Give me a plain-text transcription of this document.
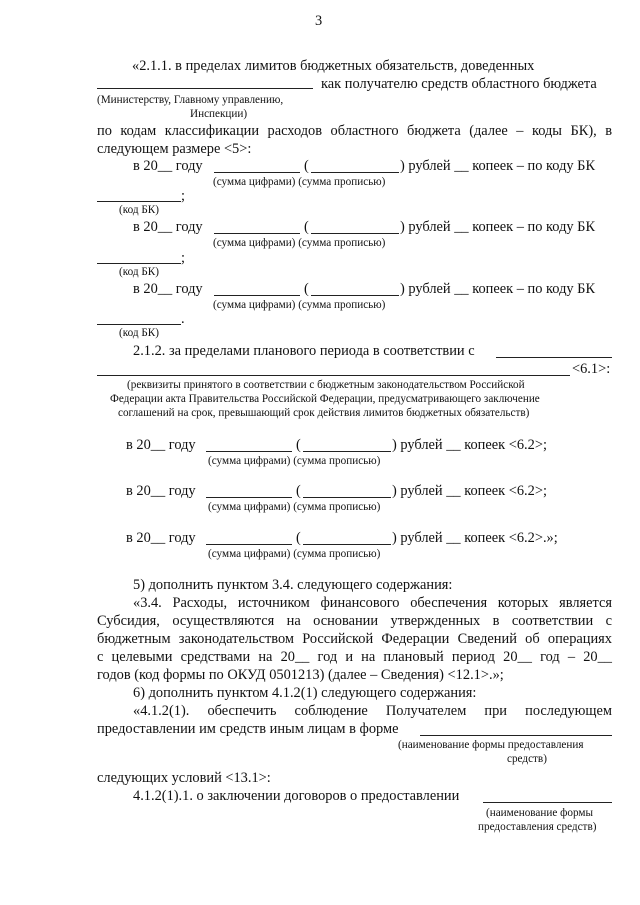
3
«2.1.1. в пределах лимитов бюджетных обязательств, доведенных
как получателю средств областного бюджета
(Министерству, Главному управлению,
Инспекции)
по кодам классификации расходов областного бюджета (далее – коды БК), в
следующем размере <5>:
в 20__ году	(	) рублей __ копеек – по коду БК
(сумма цифрами) (сумма прописью)
;
(код БК)
в 20__ году	(	) рублей __ копеек – по коду БК
(сумма цифрами) (сумма прописью)
;
(код БК)
в 20__ году	(	) рублей __ копеек – по коду БК
(сумма цифрами) (сумма прописью)
.
(код БК)
2.1.2. за пределами планового периода в соответствии с
<6.1>:
(реквизиты принятого в соответствии с бюджетным законодательством Российской
Федерации акта Правительства Российской Федерации, предусматривающего заключение
соглашений на срок, превышающий срок действия лимитов бюджетных обязательств)
в 20__ году	(	) рублей __ копеек <6.2>;
(сумма цифрами) (сумма прописью)
в 20__ году	(	) рублей __ копеек <6.2>;
(сумма цифрами) (сумма прописью)
в 20__ году	(	) рублей __ копеек <6.2>.»;
(сумма цифрами) (сумма прописью)
5) дополнить пунктом 3.4. следующего содержания:
«3.4. Расходы, источником финансового обеспечения которых является
Субсидия, осуществляются на основании утвержденных в соответствии с
бюджетным законодательством Российской Федерации Сведений об операциях
с целевыми средствами на 20__ год и на плановый период 20__ год – 20__
годов (код формы по ОКУД 0501213) (далее – Сведения) <12.1>.»;
6) дополнить пунктом 4.1.2(1) следующего содержания:
«4.1.2(1). обеспечить соблюдение Получателем при последующем
предоставлении им средств иным лицам в форме
(наименование формы предоставления
средств)
следующих условий <13.1>:
4.1.2(1).1. о заключении договоров о предоставлении
(наименование формы
предоставления средств)
